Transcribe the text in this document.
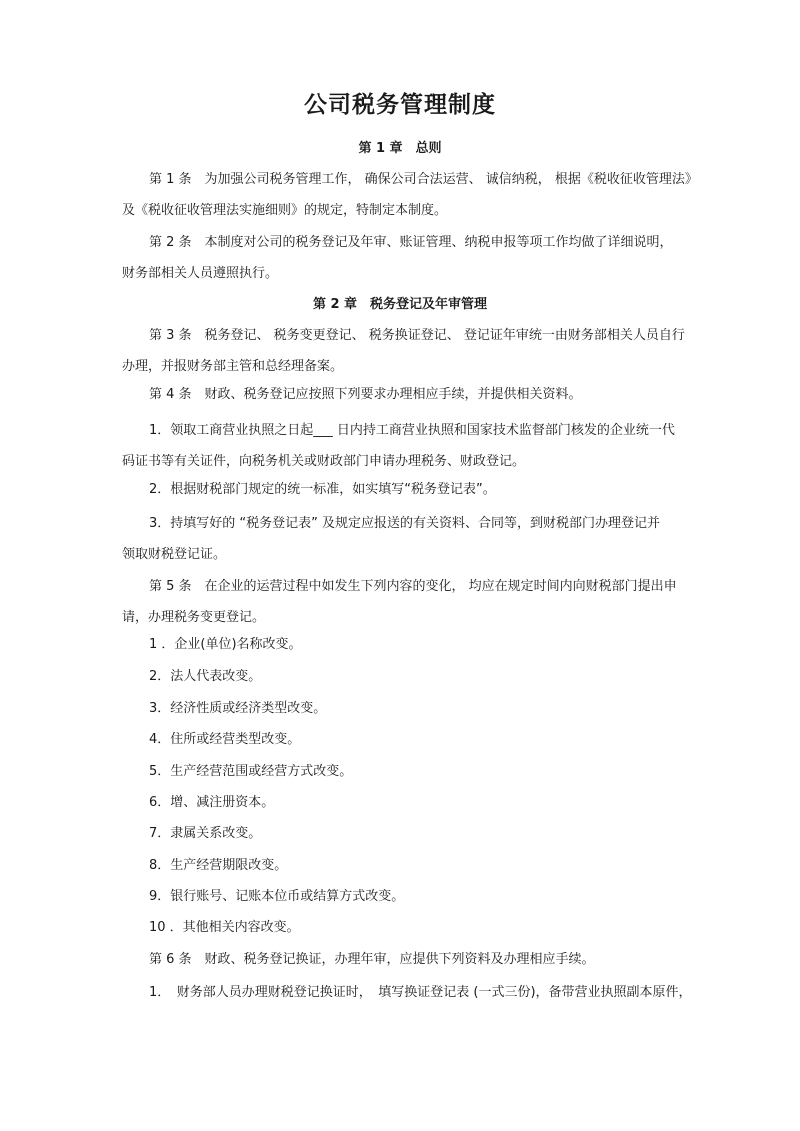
公司税务管理制度
第 1 章　总则
第 1 条　为加强公司税务管理工作， 确保公司合法运营、 诚信纳税， 根据《税收征收管理法》
及《税收征收管理法实施细则》的规定，特制定本制度。
第 2 条　本制度对公司的税务登记及年审、账证管理、纳税申报等项工作均做了详细说明，
财务部相关人员遵照执行。
第 2 章　税务登记及年审管理
第 3 条　税务登记、 税务变更登记、 税务换证登记、 登记证年审统一由财务部相关人员自行
办理，并报财务部主管和总经理备案。
第 4 条　财政、税务登记应按照下列要求办理相应手续，并提供相关资料。
1．领取工商营业执照之日起___ 日内持工商营业执照和国家技术监督部门核发的企业统一代
码证书等有关证件，向税务机关或财政部门申请办理税务、财政登记。
2．根据财税部门规定的统一标准，如实填写“税务登记表”。
3．持填写好的 “税务登记表” 及规定应报送的有关资料、合同等，到财税部门办理登记并
领取财税登记证。
第 5 条　在企业的运营过程中如发生下列内容的变化， 均应在规定时间内向财税部门提出申
请，办理税务变更登记。
1 ．企业(单位)名称改变。
2．法人代表改变。
3．经济性质或经济类型改变。
4．住所或经营类型改变。
5．生产经营范围或经营方式改变。
6．增、减注册资本。
7．隶属关系改变。
8．生产经营期限改变。
9．银行账号、记账本位币或结算方式改变。
10 ．其他相关内容改变。
第 6 条　财政、税务登记换证，办理年审，应提供下列资料及办理相应手续。
1．　财务部人员办理财税登记换证时，　填写换证登记表 (一式三份)，备带营业执照副本原件，
